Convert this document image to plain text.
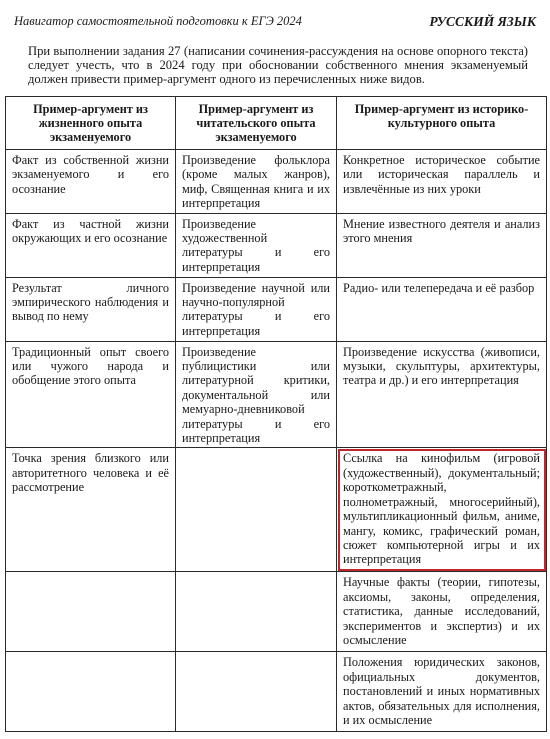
Навигатор самостоятельной подготовки к ЕГЭ 2024	РУССКИЙ ЯЗЫК

При выполнении задания 27 (написании сочинения-рассуждения на основе опорного текста) следует учесть, что в 2024 году при обосновании собственного мнения экзаменуемый должен привести пример-аргумент одного из перечисленных ниже видов.

Пример-аргумент из жизненного опыта экзаменуемого	Пример-аргумент из читательского опыта экзаменуемого	Пример-аргумент из историко-культурного опыта
Факт из собственной жизни экзаменуемого и его осознание	Произведение фольклора (кроме малых жанров), миф, Священная книга и их интерпретация	Конкретное историческое событие или историческая параллель и извлечённые из них уроки
Факт из частной жизни окружающих и его осознание	Произведение художественной литературы и его интерпретация	Мнение известного деятеля и анализ этого мнения
Результат личного эмпирического наблюдения и вывод по нему	Произведение научной или научно-популярной литературы и его интерпретация	Радио- или телепередача и её разбор
Традиционный опыт своего или чужого народа и обобщение этого опыта	Произведение публицистики или литературной критики, документальной или мемуарно-дневниковой литературы и его интерпретация	Произведение искусства (живописи, музыки, скульптуры, архитектуры, театра и др.) и его интерпретация
Точка зрения близкого или авторитетного человека и её рассмотрение		Ссылка на кинофильм (игровой (художественный), документальный; короткометражный, полнометражный, многосерийный), мультипликационный фильм, аниме, мангу, комикс, графический роман, сюжет компьютерной игры и их интерпретация
		Научные факты (теории, гипотезы, аксиомы, законы, определения, статистика, данные исследований, экспериментов и экспертиз) и их осмысление
		Положения юридических законов, официальных документов, постановлений и иных нормативных актов, обязательных для исполнения, и их осмысление
